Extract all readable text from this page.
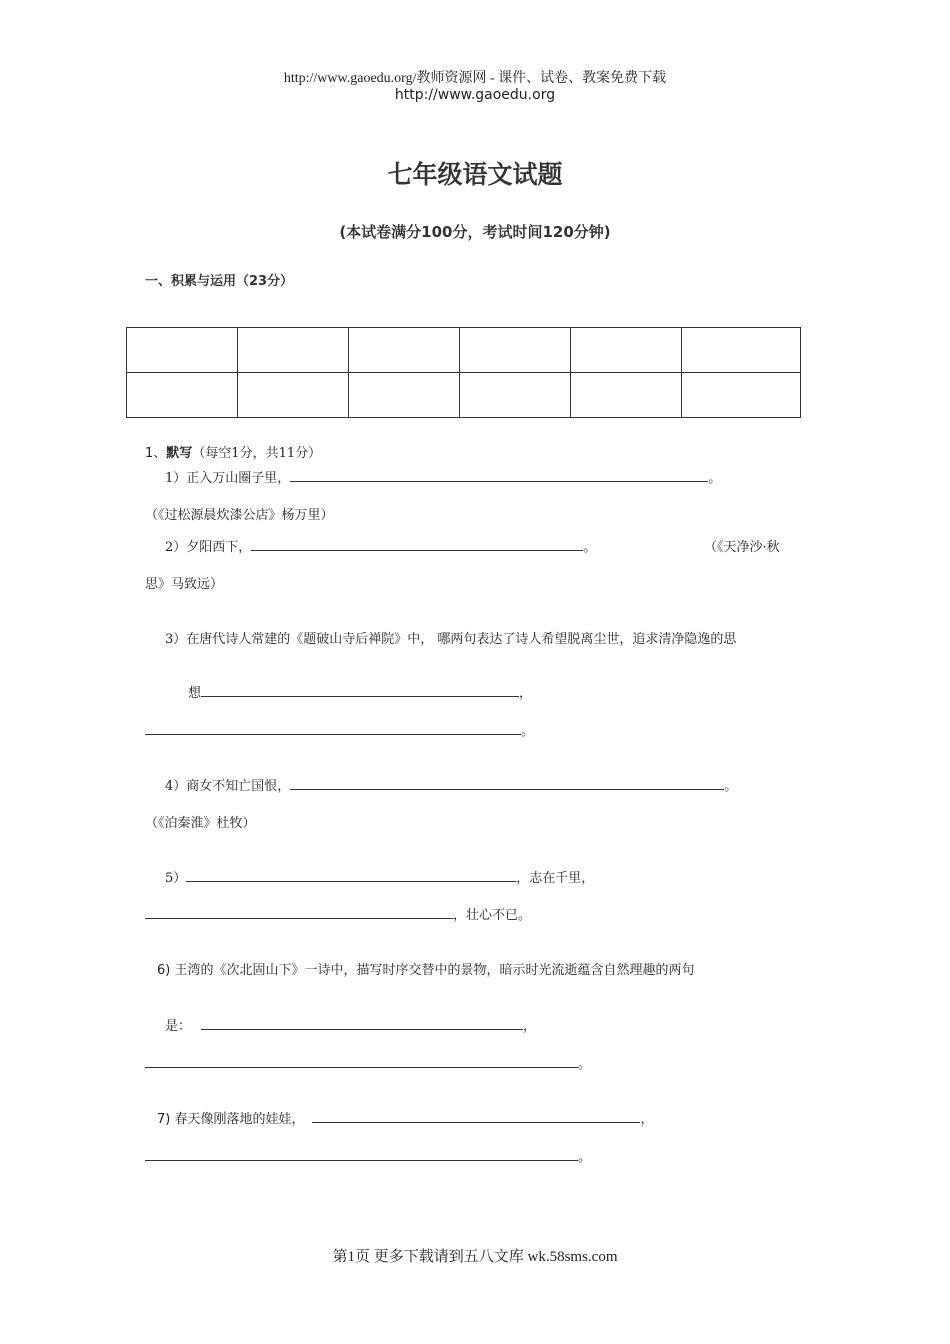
http://www.gaoedu.org/教师资源网 - 课件、试卷、教案免费下载
http://www.gaoedu.org
七年级语文试题
(本试卷满分100分，考试时间120分钟)
一、积累与运用（23分）

1、默写（每空1分，共11分）
1）正入万山圈子里，	。
（《过松源晨炊漆公店》杨万里）
2）夕阳西下，	。	（《天净沙·秋
思》马致远）
3）在唐代诗人常建的《题破山寺后禅院》中， 哪两句表达了诗人希望脱离尘世，追求清净隐逸的思
想	，
。
4）商女不知亡国恨，	。
（《泊秦淮》杜牧）
5）	，志在千里，
，壮心不已。
6) 王湾的《次北固山下》一诗中，描写时序交替中的景物，暗示时光流逝蕴含自然理趣的两句
是：	，
。
7) 春天像刚落地的娃娃，	，
。
第1页 更多下载请到五八文库 wk.58sms.com
